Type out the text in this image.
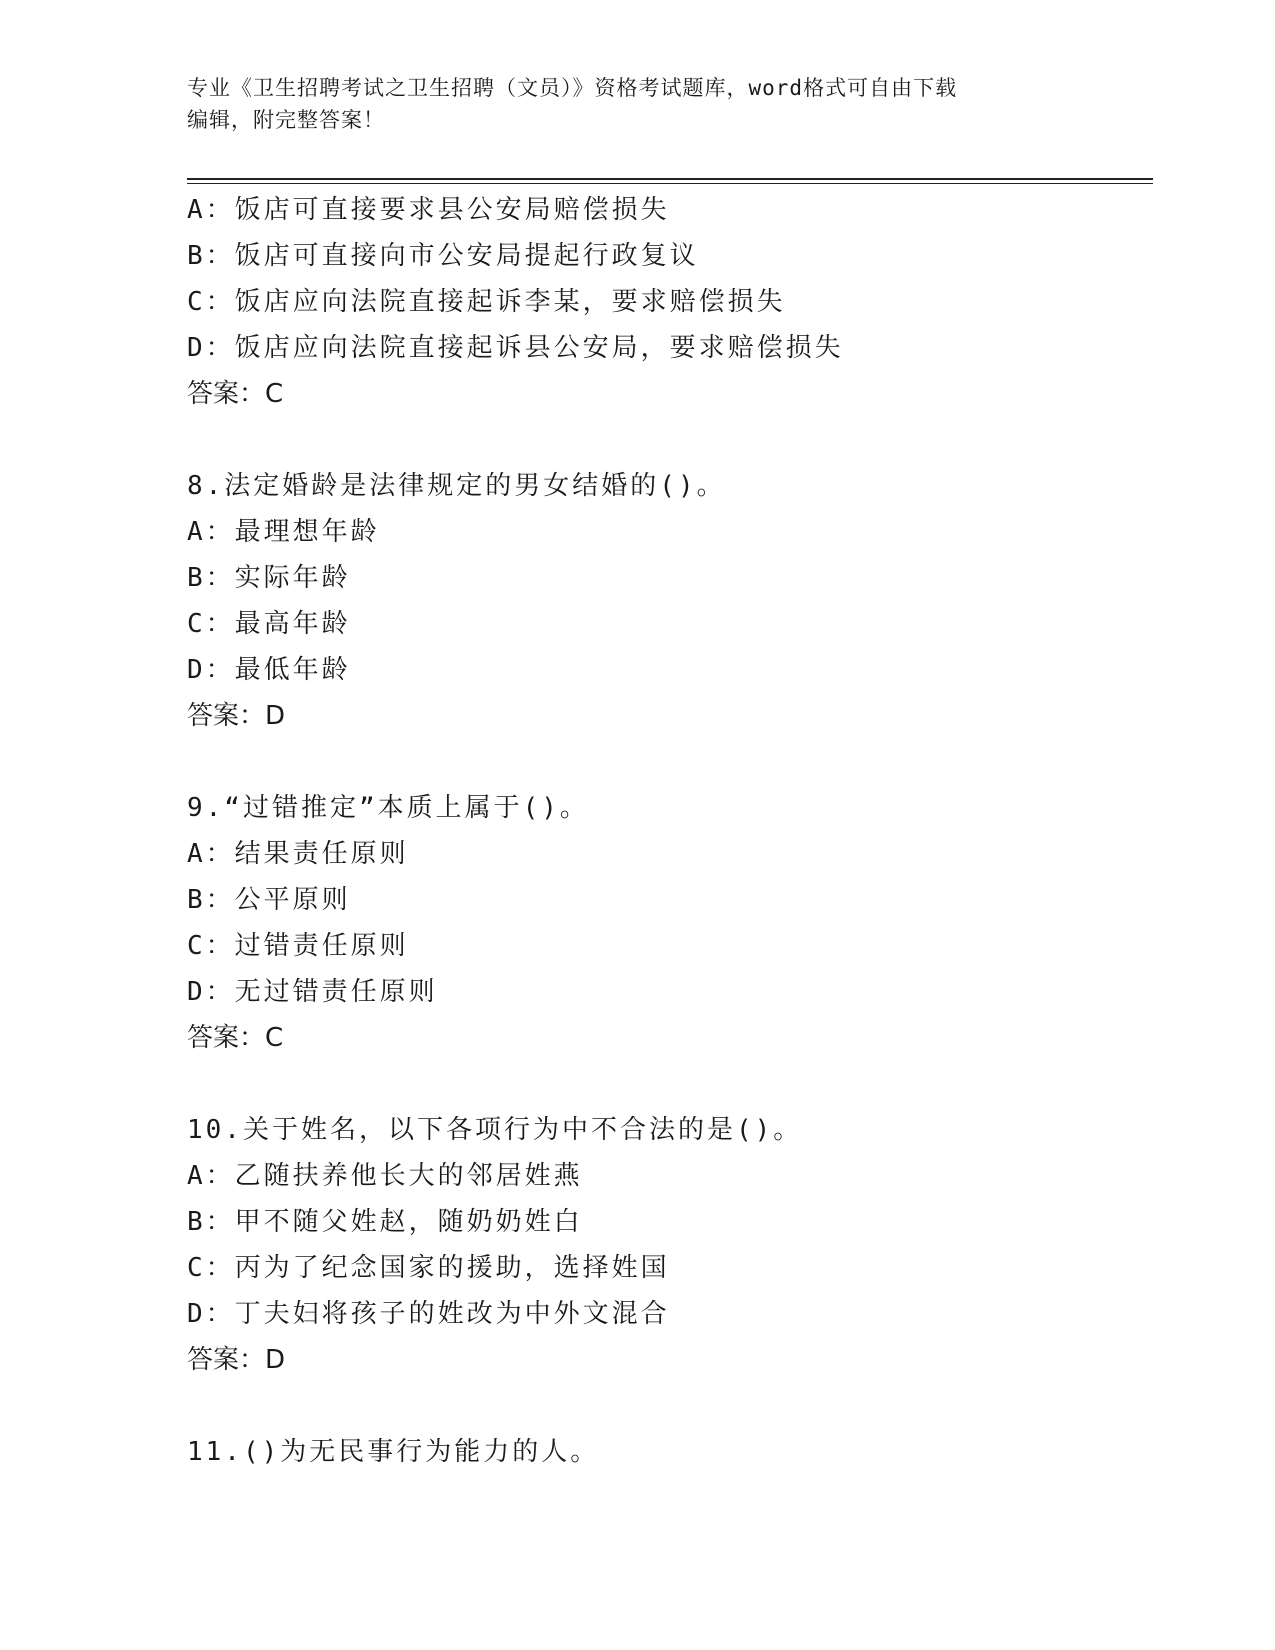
专业《卫生招聘考试之卫生招聘（文员）》资格考试题库，word格式可自由下载
编辑，附完整答案！
A：饭店可直接要求县公安局赔偿损失
B：饭店可直接向市公安局提起行政复议
C：饭店应向法院直接起诉李某，要求赔偿损失
D：饭店应向法院直接起诉县公安局，要求赔偿损失
答案：C
8.法定婚龄是法律规定的男女结婚的()。
A：最理想年龄
B：实际年龄
C：最高年龄
D：最低年龄
答案：D
9.“过错推定”本质上属于()。
A：结果责任原则
B：公平原则
C：过错责任原则
D：无过错责任原则
答案：C
10.关于姓名，以下各项行为中不合法的是()。
A：乙随扶养他长大的邻居姓燕
B：甲不随父姓赵，随奶奶姓白
C：丙为了纪念国家的援助，选择姓国
D：丁夫妇将孩子的姓改为中外文混合
答案：D
11.()为无民事行为能力的人。
